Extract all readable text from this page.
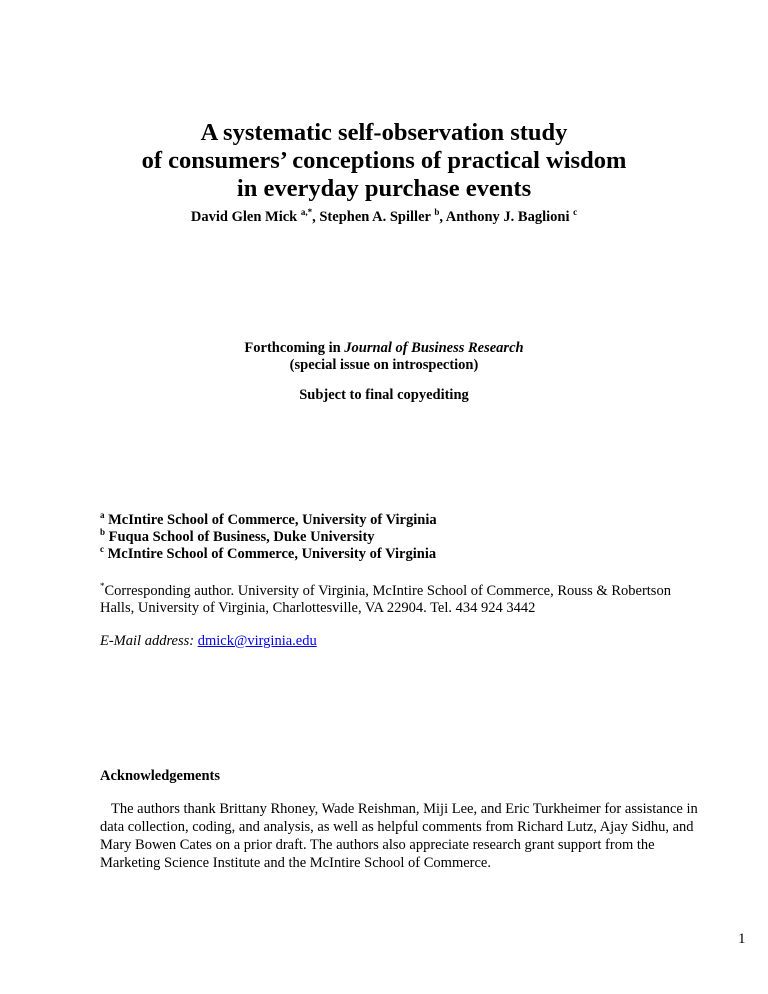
A systematic self-observation study
of consumers’ conceptions of practical wisdom
in everyday purchase events
David Glen Mick $^{a,*}$, Stephen A. Spiller $^b$, Anthony J. Baglioni $^c$
Forthcoming in Journal of Business Research
(special issue on introspection)
Subject to final copyediting
$^a$ McIntire School of Commerce, University of Virginia
$^b$ Fuqua School of Business, Duke University
$^c$ McIntire School of Commerce, University of Virginia
*Corresponding author. University of Virginia, McIntire School of Commerce, Rouss & Robertson
Halls, University of Virginia, Charlottesville, VA 22904. Tel. 434 924 3442
E-Mail address: dmick@virginia.edu
Acknowledgements
The authors thank Brittany Rhoney, Wade Reishman, Miji Lee, and Eric Turkheimer for assistance in data collection, coding, and analysis, as well as helpful comments from Richard Lutz, Ajay Sidhu, and Mary Bowen Cates on a prior draft. The authors also appreciate research grant support from the Marketing Science Institute and the McIntire School of Commerce.
1
